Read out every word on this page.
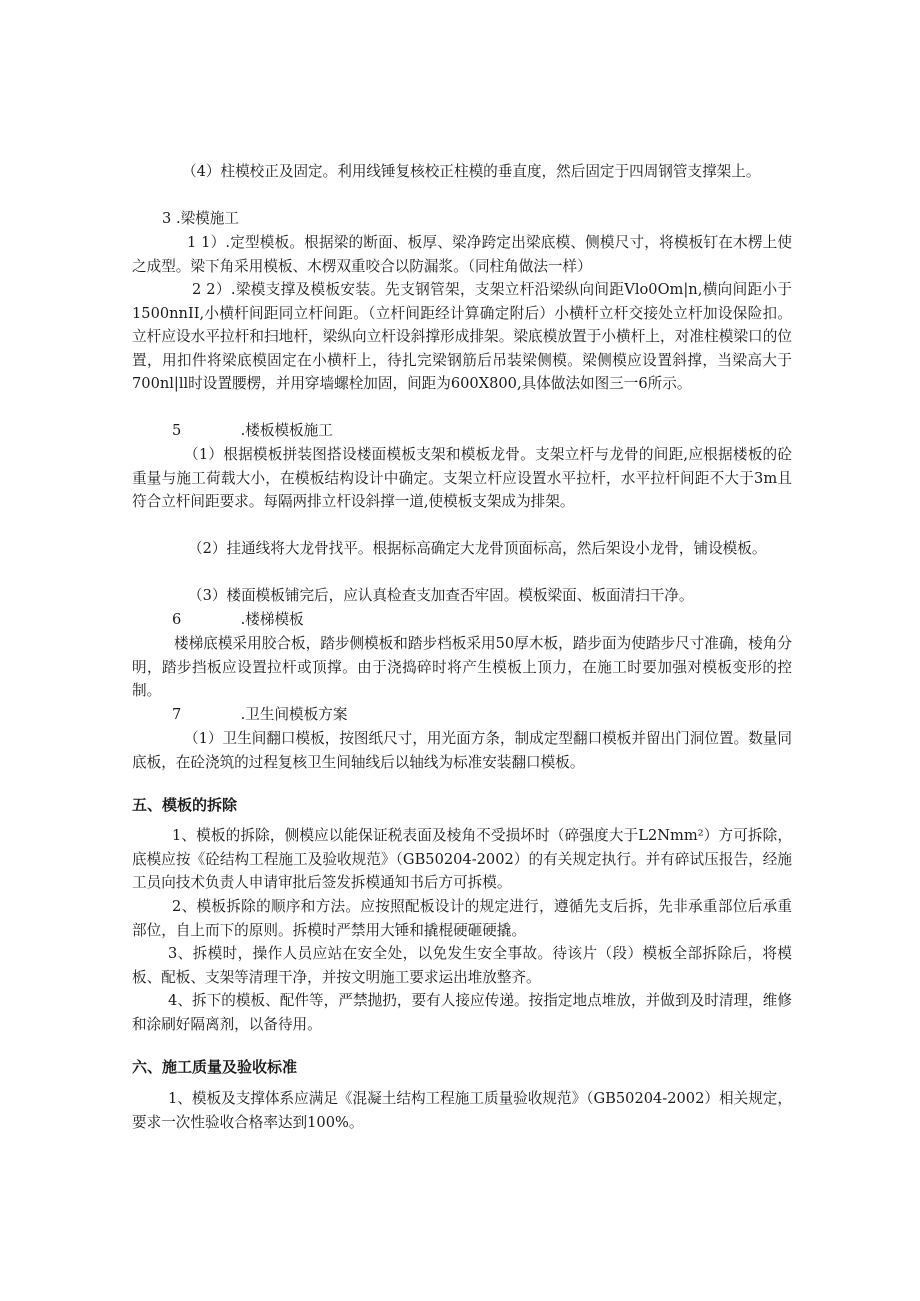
（4）柱模校正及固定。利用线锤复核校正柱模的垂直度，然后固定于四周钢管支撑架上。

3 .梁模施工

1 1）.定型模板。根据梁的断面、板厚、梁净跨定出梁底模、侧模尺寸，将模板钉在木楞上使之成型。梁下角采用模板、木楞双重咬合以防漏浆。（同柱角做法一样）

2 2）.梁模支撑及模板安装。先支钢管架，支架立杆沿梁纵向间距Vlo0Om|n,横向间距小于1500nnII,小横杆间距同立杆间距。（立杆间距经计算确定附后）小横杆立杆交接处立杆加设保险扣。立杆应设水平拉杆和扫地杆，梁纵向立杆设斜撑形成排架。梁底模放置于小横杆上，对准柱模梁口的位置，用扣件将梁底模固定在小横杆上，待扎完梁钢筋后吊装梁侧模。梁侧模应设置斜撑，当梁高大于700nl|ll时设置腰楞，并用穿墙螺栓加固，间距为600X800,具体做法如图三一6所示。

5	.楼板模板施工

（1）根据模板拼装图搭设楼面模板支架和模板龙骨。支架立杆与龙骨的间距,应根据楼板的砼重量与施工荷载大小，在模板结构设计中确定。支架立杆应设置水平拉杆，水平拉杆间距不大于3m且符合立杆间距要求。每隔两排立杆设斜撑一道,使模板支架成为排架。

（2）挂通线将大龙骨找平。根据标高确定大龙骨顶面标高，然后架设小龙骨，铺设模板。

（3）楼面模板铺完后，应认真检查支加查否牢固。模板梁面、板面清扫干净。

6	.楼梯模板

楼梯底模采用胶合板，踏步侧模板和踏步档板采用50厚木板，踏步面为使踏步尺寸准确，棱角分明，踏步挡板应设置拉杆或顶撑。由于浇捣碎时将产生模板上顶力，在施工时要加强对模板变形的控制。

7	.卫生间模板方案

（1）卫生间翻口模板，按图纸尺寸，用光面方条，制成定型翻口模板并留出门洞位置。数量同底板，在砼浇筑的过程复核卫生间轴线后以轴线为标准安装翻口模板。

五、模板的拆除

1、模板的拆除，侧模应以能保证税表面及棱角不受损坏时（碎强度大于L2Nmm²）方可拆除，底模应按《砼结构工程施工及验收规范》（GB50204-2002）的有关规定执行。并有碎试压报告，经施工员向技术负责人申请审批后签发拆模通知书后方可拆模。

2、模板拆除的顺序和方法。应按照配板设计的规定进行，遵循先支后拆，先非承重部位后承重部位，自上而下的原则。拆模时严禁用大锤和撬棍硬砸硬撬。

3、拆模时，操作人员应站在安全处，以免发生安全事故。待该片（段）模板全部拆除后，将模板、配板、支架等清理干净，并按文明施工要求运出堆放整齐。

4、拆下的模板、配件等，严禁抛扔，要有人接应传递。按指定地点堆放，并做到及时清理，维修和涂刷好隔离剂，以备待用。

六、施工质量及验收标准

1、模板及支撑体系应满足《混凝土结构工程施工质量验收规范》（GB50204-2002）相关规定，要求一次性验收合格率达到100%。
